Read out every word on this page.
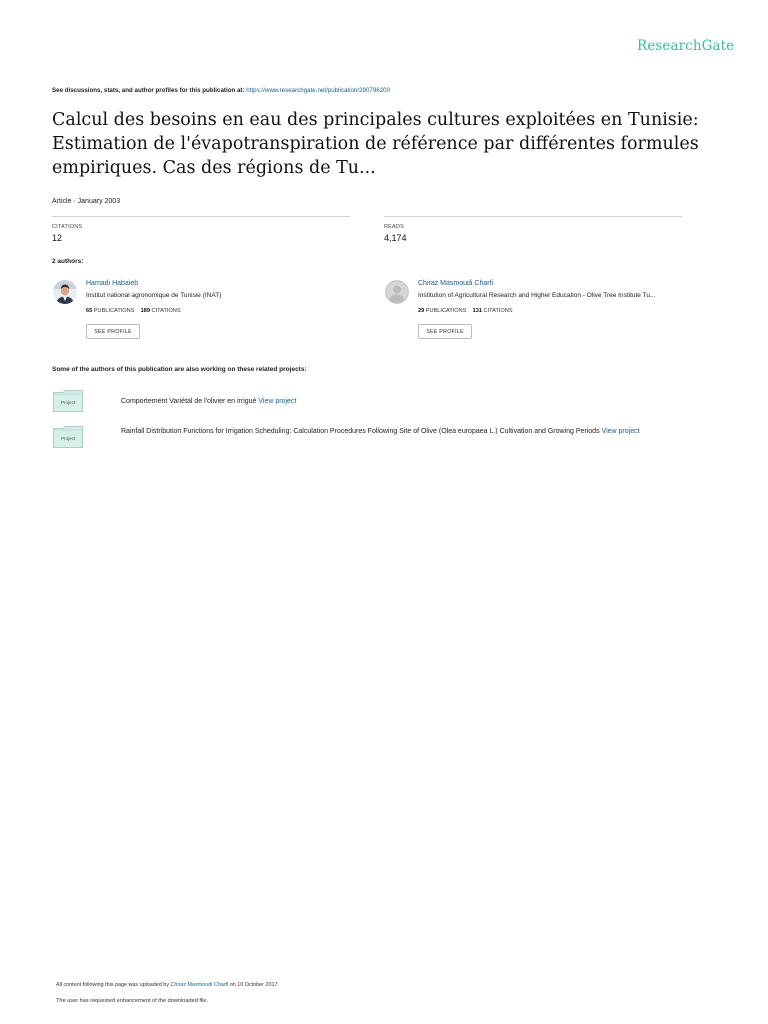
ResearchGate
See discussions, stats, and author profiles for this publication at: https://www.researchgate.net/publication/290796200
Calcul des besoins en eau des principales cultures exploitées en Tunisie: Estimation de l'évapotranspiration de référence par différentes formules empiriques. Cas des régions de Tu...
Article · January 2003
CITATIONS
12
READS
4,174
2 authors:
Hamadi Habaieb
Institut national agronomique de Tunisie (INAT)
65 PUBLICATIONS 189 CITATIONS
SEE PROFILE
Chiraz Masmoudi Charfi
Institution of Agricultural Research and Higher Education - Olive Tree Institute Tu...
29 PUBLICATIONS 131 CITATIONS
SEE PROFILE
Some of the authors of this publication are also working on these related projects:
Project	Comportement Variétal de l'olivier en irrigué View project
Project
Rainfall Distribution Functions for Irrigation Scheduling: Calculation Procedures Following Site of Olive (Olea europaea L.) Cultivation and Growing Periods View project
All content following this page was uploaded by Chiraz Masmoudi Charfi on 10 October 2017.
The user has requested enhancement of the downloaded file.
